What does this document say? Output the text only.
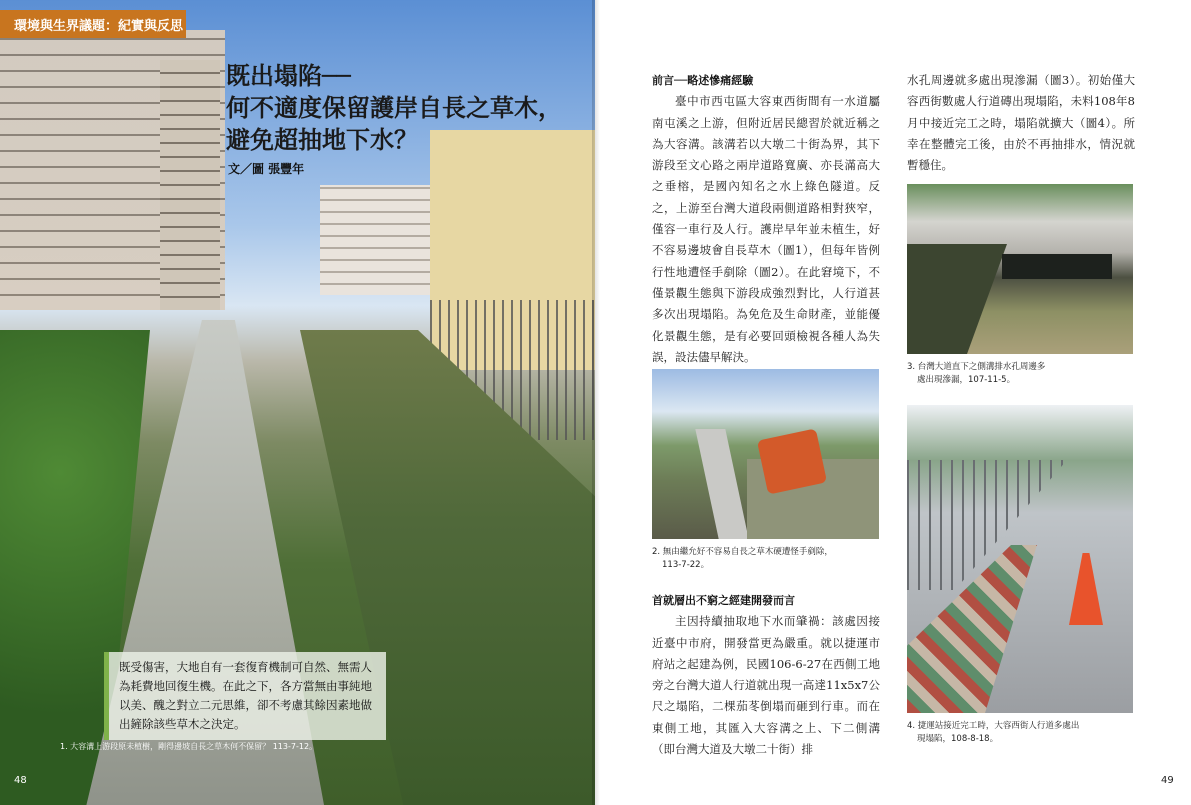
環境與生界議題：紀實與反思
既出塌陷──
何不適度保留護岸自長之草木，
避免超抽地下水？
文／圖 張豐年
既受傷害，大地自有一套復育機制可自然、無需人為耗費地回復生機。在此之下，各方當無由事純地以美、醜之對立二元思維，卻不考慮其餘因素地做出鏟除該些草木之決定。
1. 大容溝上游段原未植樹，剛得邊坡自長之草木何不保留？ 113-7-12。
48

前言──略述慘痛經驗

臺中市西屯區大容東西街間有一水道屬南屯溪之上游，但附近居民總習於就近稱之為大容溝。該溝若以大墩二十街為界，其下游段至文心路之兩岸道路寬廣、亦長滿高大之垂榕，是國內知名之水上綠色隧道。反之，上游至台灣大道段兩側道路相對狹窄，僅容一車行及人行。護岸早年並未植生，好不容易邊坡會自長草木（圖1），但每年皆例行性地遭怪手剷除（圖2）。在此窘境下，不僅景觀生態與下游段成強烈對比，人行道甚多次出現塌陷。為免危及生命財產，並能優化景觀生態，是有必要回頭檢視各種人為失誤，設法儘早解決。

首就層出不窮之經建開發而言

主因持續抽取地下水而肇禍：該處因接近臺中市府，開發當更為嚴重。就以捷運市府站之起建為例，民國106-6-27在西側工地旁之台灣大道人行道就出現一高達11x5x7公尺之塌陷，二棵茄苳倒塌而砸到行車。而在東側工地，其匯入大容溝之上、下二側溝（即台灣大道及大墩二十街）排

水孔周邊就多處出現滲漏（圖3）。初始僅大容西街數處人行道磚出現塌陷，未料108年8月中接近完工之時，塌陷就擴大（圖4）。所幸在整體完工後，由於不再抽排水，情況就暫穩住。

2. 無由繼允好不容易自長之草木硬遭怪手剷除，
113-7-22。
3. 台灣大道直下之側溝排水孔周邊多
處出現滲漏，107-11-5。
4. 捷運站接近完工時，大容西街人行道多處出
現塌陷，108-8-18。
49
